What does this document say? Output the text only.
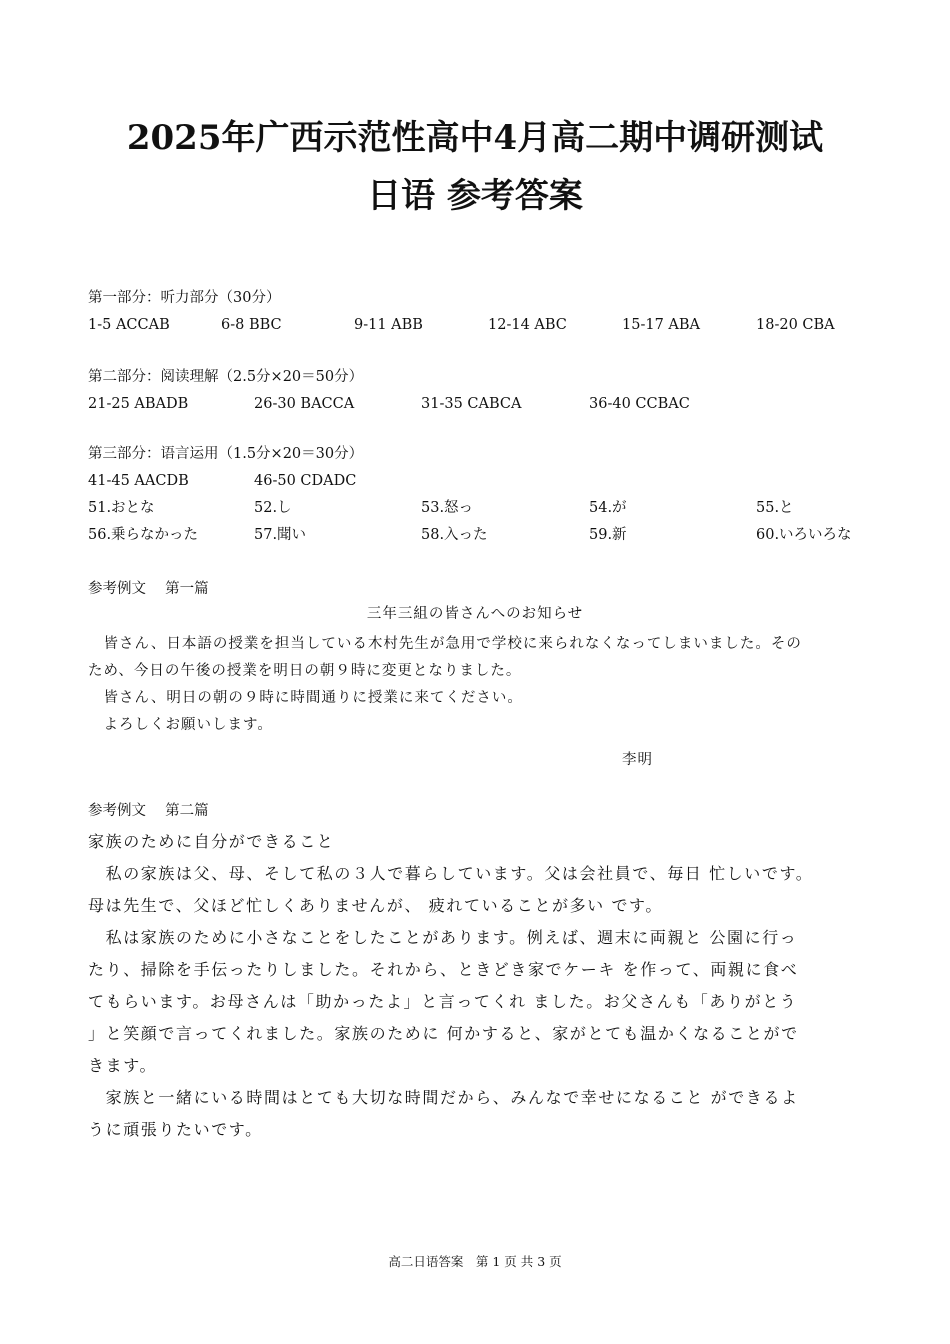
2025年广西示范性高中4月高二期中调研测试
日语 参考答案
第一部分：听力部分（30分）
1-5 ACCAB	6-8 BBC	9-11 ABB	12-14 ABC	15-17 ABA	18-20 CBA
第二部分：阅读理解（2.5分×20＝50分）
21-25 ABADB	26-30 BACCA	31-35 CABCA	36-40 CCBAC
第三部分：语言运用（1.5分×20＝30分）
41-45 AACDB	46-50 CDADC
51.おとな	52.し	53.怒っ	54.が	55.と
56.乗らなかった	57.聞い	58.入った	59.新	60.いろいろな
参考例文　 第一篇
三年三組の皆さんへのお知らせ
　皆さん、日本語の授業を担当している木村先生が急用で学校に来られなくなってしまいました。その
ため、今日の午後の授業を明日の朝９時に変更となりました。
　皆さん、明日の朝の９時に時間通りに授業に来てください。
　よろしくお願いします。
李明
参考例文　 第二篇
家族のために自分ができること
　私の家族は父、母、そして私の３人で暮らしています。父は会社員で、毎日 忙しいです。
母は先生で、父ほど忙しくありませんが、 疲れていることが多い です。
　私は家族のために小さなことをしたことがあります。例えば、週末に両親と 公園に行っ
たり、掃除を手伝ったりしました。それから、ときどき家でケーキ を作って、両親に食べ
てもらいます。お母さんは「助かったよ」と言ってくれ ました。お父さんも「ありがとう
」と笑顔で言ってくれました。家族のために 何かすると、家がとても温かくなることがで
きます。
　家族と一緒にいる時間はとても大切な時間だから、みんなで幸せになること ができるよ
うに頑張りたいです。
高二日语答案　第 1 页 共 3 页
